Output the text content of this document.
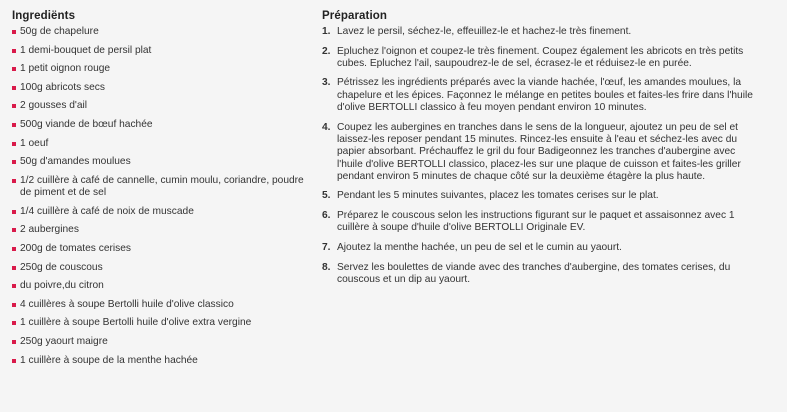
Ingrediënts
50g de chapelure
1 demi-bouquet de persil plat
1 petit oignon rouge
100g abricots secs
2 gousses d'ail
500g viande de bœuf hachée
1 oeuf
50g d'amandes moulues
1/2 cuillère à café de cannelle, cumin moulu, coriandre, poudre de piment et de sel
1/4 cuillère à café de noix de muscade
2 aubergines
200g de tomates cerises
250g de couscous
du poivre,du citron
4 cuillères à soupe Bertolli huile d'olive classico
1 cuillère à soupe Bertolli huile d'olive extra vergine
250g yaourt maigre
1 cuillère à soupe de la menthe hachée
Préparation
1. Lavez le persil, séchez-le, effeuillez-le et hachez-le très finement.
2. Epluchez l'oignon et coupez-le très finement. Coupez également les abricots en très petits cubes. Epluchez l'ail, saupoudrez-le de sel, écrasez-le et réduisez-le en purée.
3. Pétrissez les ingrédients préparés avec la viande hachée, l'œuf, les amandes moulues, la chapelure et les épices. Façonnez le mélange en petites boules et faites-les frire dans l'huile d'olive BERTOLLI classico à feu moyen pendant environ 10 minutes.
4. Coupez les aubergines en tranches dans le sens de la longueur, ajoutez un peu de sel et laissez-les reposer pendant 15 minutes. Rincez-les ensuite à l'eau et séchez-les avec du papier absorbant. Préchauffez le gril du four Badigeonnez les tranches d'aubergine avec l'huile d'olive BERTOLLI classico, placez-les sur une plaque de cuisson et faites-les griller pendant environ 5 minutes de chaque côté sur la deuxième étagère la plus haute.
5. Pendant les 5 minutes suivantes, placez les tomates cerises sur le plat.
6. Préparez le couscous selon les instructions figurant sur le paquet et assaisonnez avec 1 cuillère à soupe d'huile d'olive BERTOLLI Originale EV.
7. Ajoutez la menthe hachée, un peu de sel et le cumin au yaourt.
8. Servez les boulettes de viande avec des tranches d'aubergine, des tomates cerises, du couscous et un dip au yaourt.
